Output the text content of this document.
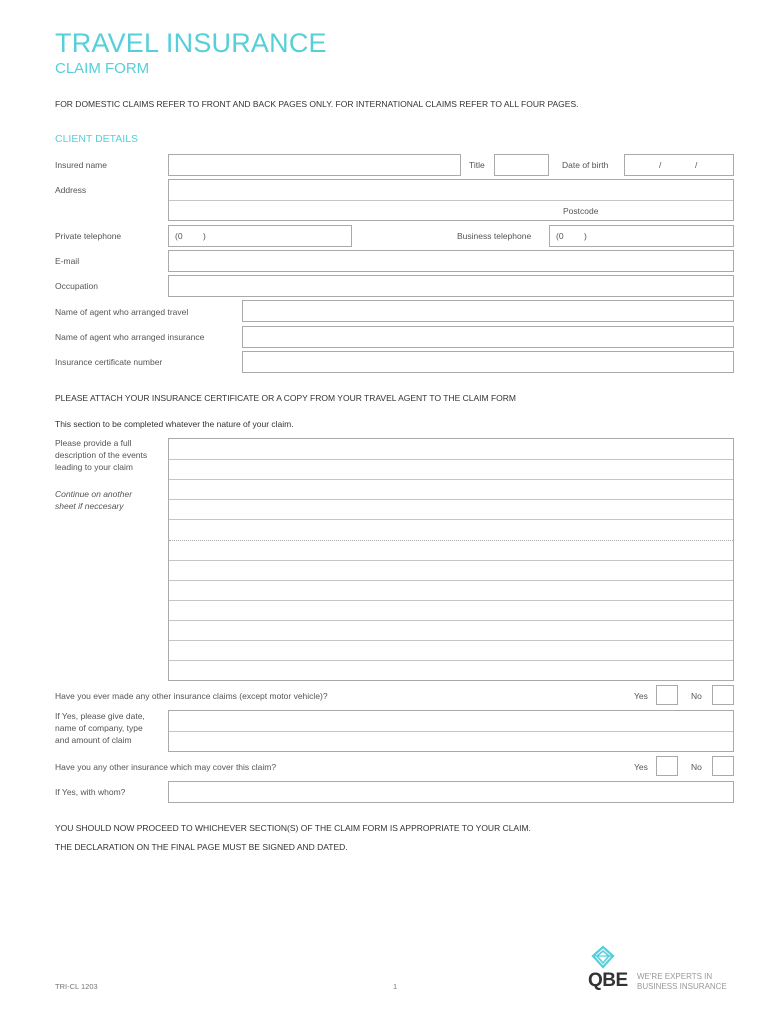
TRAVEL INSURANCE
CLAIM FORM
FOR DOMESTIC CLAIMS REFER TO FRONT AND BACK PAGES ONLY. FOR INTERNATIONAL CLAIMS REFER TO ALL FOUR PAGES.
CLIENT DETAILS
Insured name	Title	Date of birth	/	/
Address
Postcode
Private telephone	(0 )	Business telephone	(0 )
E-mail
Occupation
Name of agent who arranged travel
Name of agent who arranged insurance
Insurance certificate number
PLEASE ATTACH YOUR INSURANCE CERTIFICATE OR A COPY FROM YOUR TRAVEL AGENT TO THE CLAIM FORM
This section to be completed whatever the nature of your claim.
Please provide a full
description of the events
leading to your claim
Continue on another
sheet if neccesary
Have you ever made any other insurance claims (except motor vehicle)?	Yes	No
If Yes, please give date,
name of company, type
and amount of claim
Have you any other insurance which may cover this claim?	Yes	No
If Yes, with whom?
YOU SHOULD NOW PROCEED TO WHICHEVER SECTION(S) OF THE CLAIM FORM IS APPROPRIATE TO YOUR CLAIM.
THE DECLARATION ON THE FINAL PAGE MUST BE SIGNED AND DATED.
TRI-CL 1203	1	QBE WE'RE EXPERTS IN
BUSINESS INSURANCE
